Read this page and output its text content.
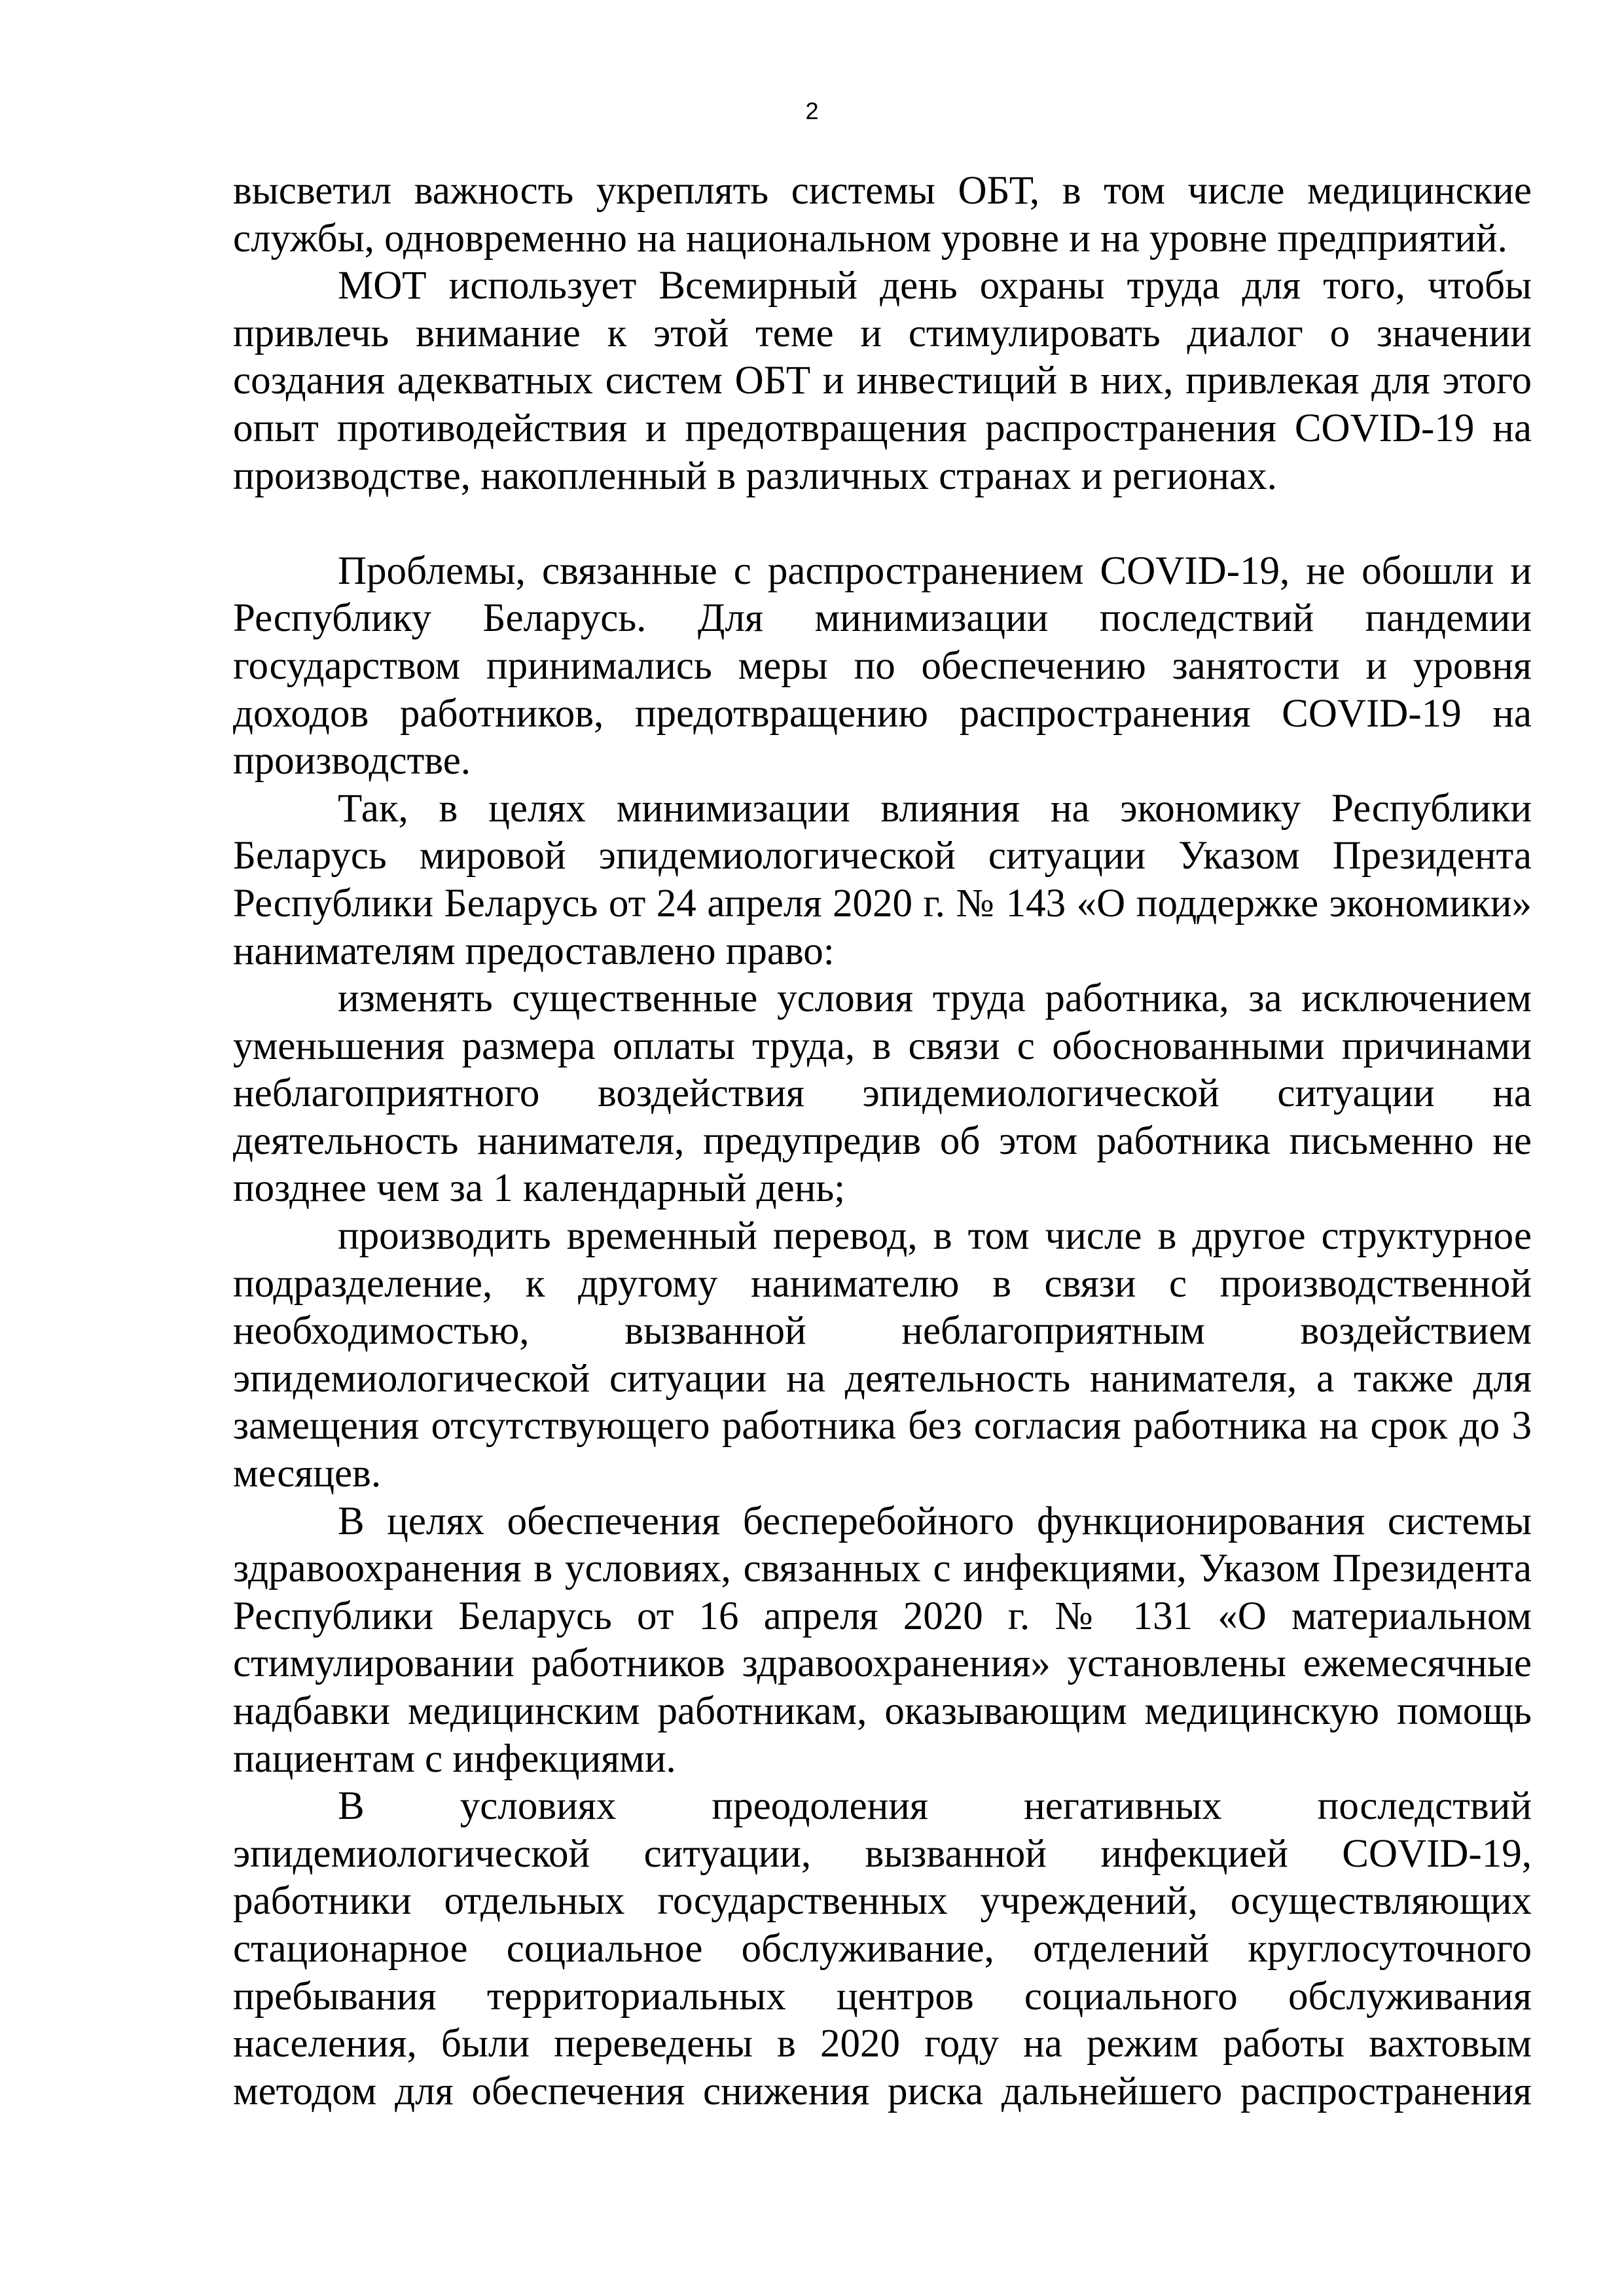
2

высветил важность укреплять системы ОБТ, в том числе медицинские службы, одновременно на национальном уровне и на уровне предприятий.

МОТ использует Всемирный день охраны труда для того, чтобы привлечь внимание к этой теме и стимулировать диалог о значении создания адекватных систем ОБТ и инвестиций в них, привлекая для этого опыт противодействия и предотвращения распространения COVID-19 на производстве, накопленный в различных странах и регионах.

Проблемы, связанные с распространением COVID-19, не обошли и Республику Беларусь. Для минимизации последствий пандемии государством принимались меры по обеспечению занятости и уровня доходов работников, предотвращению распространения COVID-19 на производстве.

Так, в целях минимизации влияния на экономику Республики Беларусь мировой эпидемиологической ситуации Указом Президента Республики Беларусь от 24 апреля 2020 г. № 143 «О поддержке экономики» нанимателям предоставлено право:

изменять существенные условия труда работника, за исключением уменьшения размера оплаты труда, в связи с обоснованными причинами неблагоприятного воздействия эпидемиологической ситуации на деятельность нанимателя, предупредив об этом работника письменно не позднее чем за 1 календарный день;

производить временный перевод, в том числе в другое структурное подразделение, к другому нанимателю в связи с производственной необходимостью, вызванной неблагоприятным воздействием эпидемиологической ситуации на деятельность нанимателя, а также для замещения отсутствующего работника без согласия работника на срок до 3 месяцев.

В целях обеспечения бесперебойного функционирования системы здравоохранения в условиях, связанных с инфекциями, Указом Президента Республики Беларусь от 16 апреля 2020 г. № 131 «О материальном стимулировании работников здравоохранения» установлены ежемесячные надбавки медицинским работникам, оказывающим медицинскую помощь пациентам с инфекциями.

В условиях преодоления негативных последствий эпидемиологической ситуации, вызванной инфекцией COVID-19, работники отдельных государственных учреждений, осуществляющих стационарное социальное обслуживание, отделений круглосуточного пребывания территориальных центров социального обслуживания населения, были переведены в 2020 году на режим работы вахтовым методом для обеспечения снижения риска дальнейшего распространения
